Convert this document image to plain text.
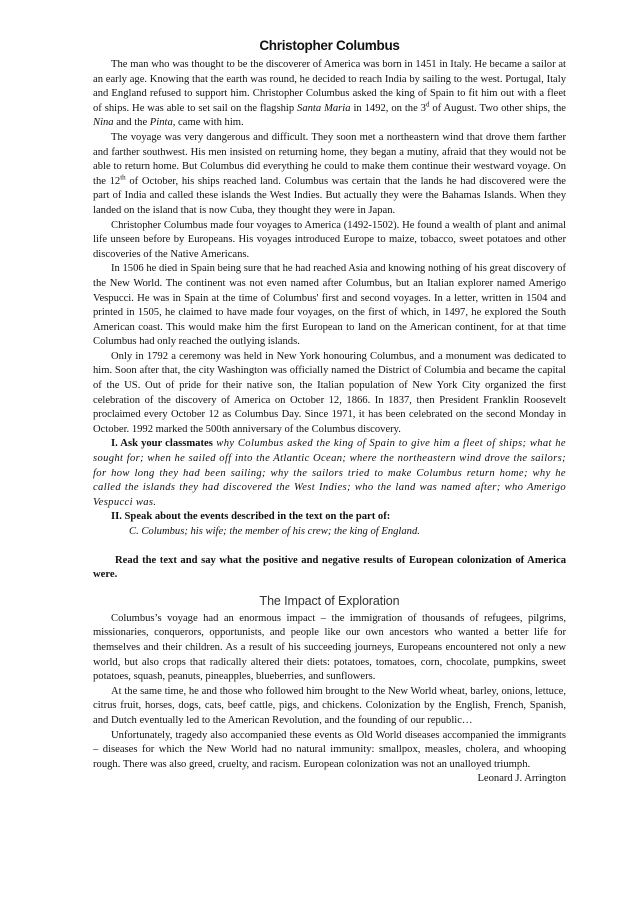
Christopher Columbus

The man who was thought to be the discoverer of America was born in 1451 in Italy. He became a sailor at an early age. Knowing that the earth was round, he decided to reach India by sailing to the west. Portugal, Italy and England refused to support him. Christopher Columbus asked the king of Spain to fit him out with a fleet of ships. He was able to set sail on the flagship Santa Maria in 1492, on the 3$^d$ of August. Two other ships, the Nina and the Pinta, came with him.

The voyage was very dangerous and difficult. They soon met a northeastern wind that drove them farther and farther southwest. His men insisted on returning home, they began a mutiny, afraid that they would not be able to return home. But Columbus did everything he could to make them continue their westward voyage. On the 12th of October, his ships reached land. Columbus was certain that the lands he had discovered were the part of India and called these islands the West Indies. But actually they were the Bahamas Islands. When they landed on the island that is now Cuba, they thought they were in Japan.

Christopher Columbus made four voyages to America (1492-1502). He found a wealth of plant and animal life unseen before by Europeans. His voyages introduced Europe to maize, tobacco, sweet potatoes and other discoveries of the Native Americans.

In 1506 he died in Spain being sure that he had reached Asia and knowing nothing of his great discovery of the New World. The continent was not even named after Columbus, but an Italian explorer named Amerigo Vespucci. He was in Spain at the time of Columbus' first and second voyages. In a letter, written in 1504 and printed in 1505, he claimed to have made four voyages, on the first of which, in 1497, he explored the South American coast. This would make him the first European to land on the American continent, for at that time Columbus had only reached the outlying islands.

Only in 1792 a ceremony was held in New York honouring Columbus, and a monument was dedicated to him. Soon after that, the city Washington was officially named the District of Columbia and became the capital of the US. Out of pride for their native son, the Italian population of New York City organized the first celebration of the discovery of America on October 12, 1866. In 1837, then President Franklin Roosevelt proclaimed every October 12 as Columbus Day. Since 1971, it has been celebrated on the second Monday in October. 1992 marked the 500th anniversary of the Columbus discovery.

I. Ask your classmates why Columbus asked the king of Spain to give him a fleet of ships; what he sought for; when he sailed off into the Atlantic Ocean; where the northeastern wind drove the sailors; for how long they had been sailing; why the sailors tried to make Columbus return home; why he called the islands they had discovered the West Indies; who the land was named after; who Amerigo Vespucci was.

II. Speak about the events described in the text on the part of:

C. Columbus; his wife; the member of his crew; the king of England.

Read the text and say what the positive and negative results of European colonization of America were.

The Impact of Exploration

Columbus’s voyage had an enormous impact – the immigration of thousands of refugees, pilgrims, missionaries, conquerors, opportunists, and people like our own ancestors who wanted a better life for themselves and their children. As a result of his succeeding journeys, Europeans encountered not only a new world, but also crops that radically altered their diets: potatoes, tomatoes, corn, chocolate, pumpkins, sweet potatoes, squash, peanuts, pineapples, blueberries, and sunflowers.

At the same time, he and those who followed him brought to the New World wheat, barley, onions, lettuce, citrus fruit, horses, dogs, cats, beef cattle, pigs, and chickens. Colonization by the English, French, Spanish, and Dutch eventually led to the American Revolution, and the founding of our republic…

Unfortunately, tragedy also accompanied these events as Old World diseases accompanied the immigrants – diseases for which the New World had no natural immunity: smallpox, measles, cholera, and whooping rough. There was also greed, cruelty, and racism. European colonization was not an unalloyed triumph.

Leonard J. Arrington
